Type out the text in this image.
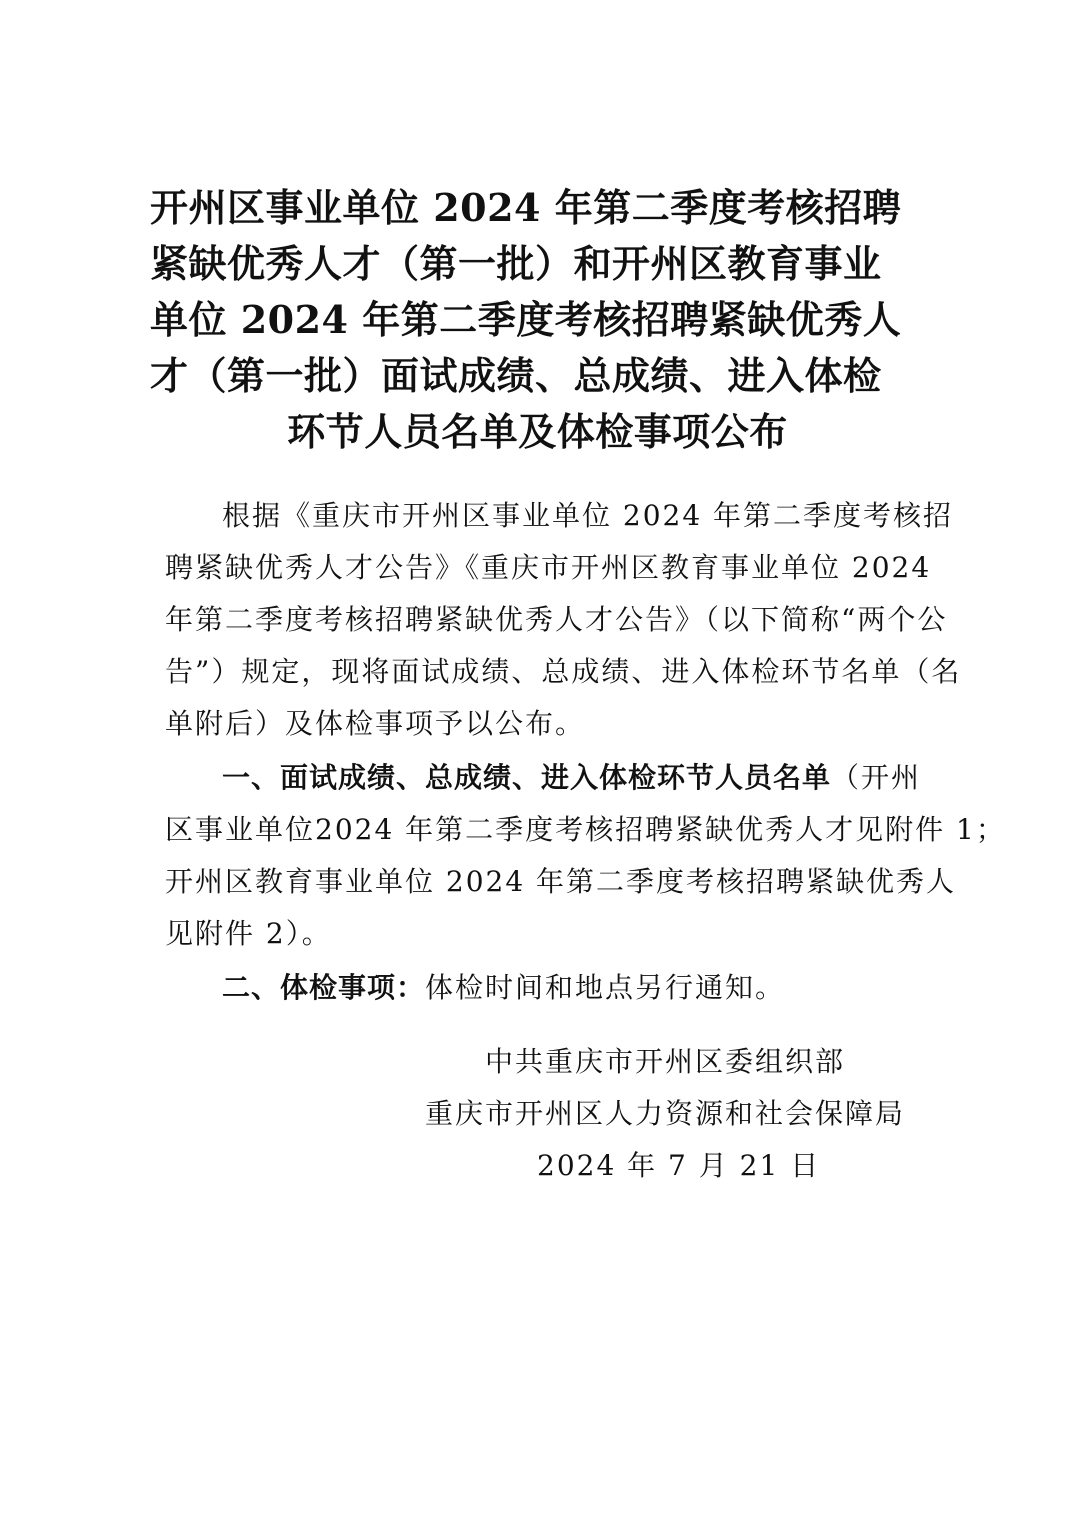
开州区事业单位 2024 年第二季度考核招聘
紧缺优秀人才（第一批）和开州区教育事业
单位 2024 年第二季度考核招聘紧缺优秀人
才（第一批）面试成绩、总成绩、进入体检
环节人员名单及体检事项公布
根据《重庆市开州区事业单位 2024 年第二季度考核招
聘紧缺优秀人才公告》《重庆市开州区教育事业单位 2024
年第二季度考核招聘紧缺优秀人才公告》（以下简称“两个公
告”）规定，现将面试成绩、总成绩、进入体检环节名单（名
单附后）及体检事项予以公布。
一、面试成绩、总成绩、进入体检环节人员名单（开州
区事业单位2024 年第二季度考核招聘紧缺优秀人才见附件 1；
开州区教育事业单位 2024 年第二季度考核招聘紧缺优秀人
见附件 2）。
二、体检事项：体检时间和地点另行通知。
中共重庆市开州区委组织部
重庆市开州区人力资源和社会保障局
2024 年 7 月 21 日
